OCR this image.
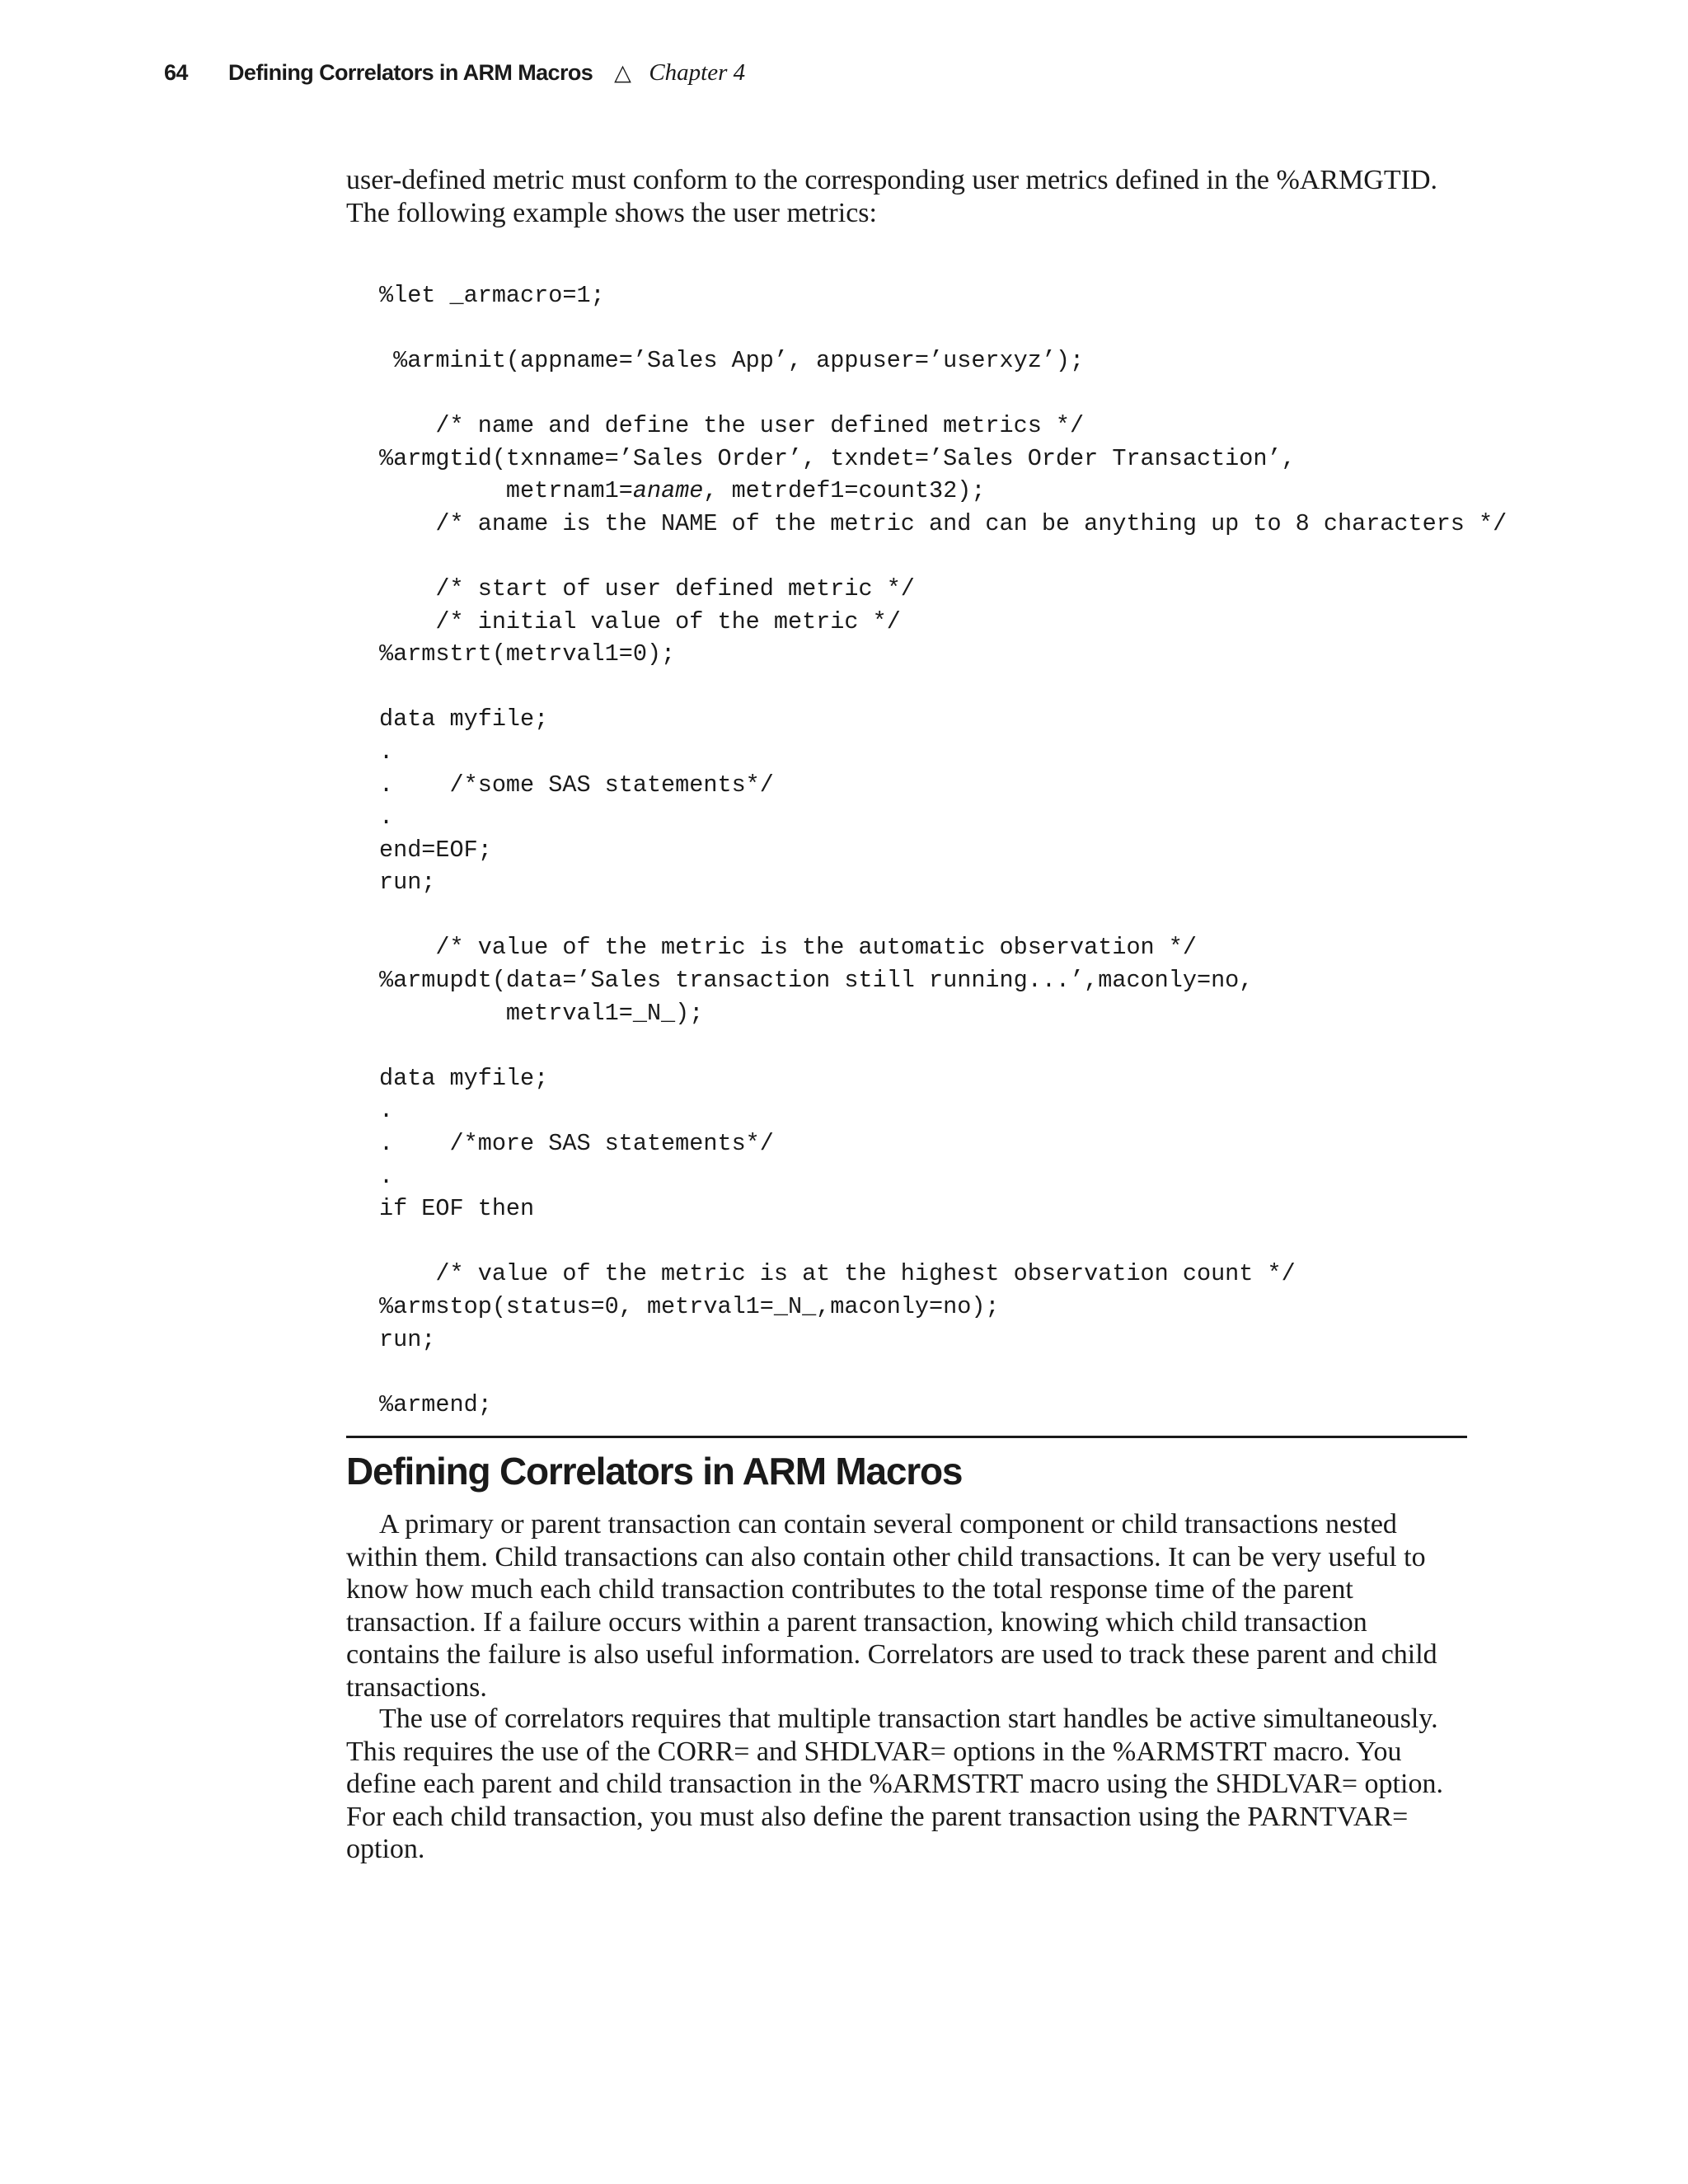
64	Defining Correlators in ARM Macros △ Chapter 4

user-defined metric must conform to the corresponding user metrics defined in the %ARMGTID. The following example shows the user metrics:

%let _armacro=1;
%arminit(appname=’Sales App’, appuser=’userxyz’);
/* name and define the user defined metrics */
%armgtid(txnname=’Sales Order’, txndet=’Sales Order Transaction’,
metrnam1=aname, metrdef1=count32);
/* aname is the NAME of the metric and can be anything up to 8 characters */
/* start of user defined metric */
/* initial value of the metric */
%armstrt(metrval1=0);
data myfile;
.
.    /*some SAS statements*/
.
end=EOF;
run;
/* value of the metric is the automatic observation */
%armupdt(data=’Sales transaction still running...’,maconly=no,
metrval1=_N_);
data myfile;
.
.    /*more SAS statements*/
.
if EOF then
/* value of the metric is at the highest observation count */
%armstop(status=0, metrval1=_N_,maconly=no);
run;
%armend;

Defining Correlators in ARM Macros

A primary or parent transaction can contain several component or child transactions nested within them. Child transactions can also contain other child transactions. It can be very useful to know how much each child transaction contributes to the total response time of the parent transaction. If a failure occurs within a parent transaction, knowing which child transaction contains the failure is also useful information. Correlators are used to track these parent and child transactions.

The use of correlators requires that multiple transaction start handles be active simultaneously. This requires the use of the CORR= and SHDLVAR= options in the %ARMSTRT macro. You define each parent and child transaction in the %ARMSTRT macro using the SHDLVAR= option. For each child transaction, you must also define the parent transaction using the PARNTVAR= option.
